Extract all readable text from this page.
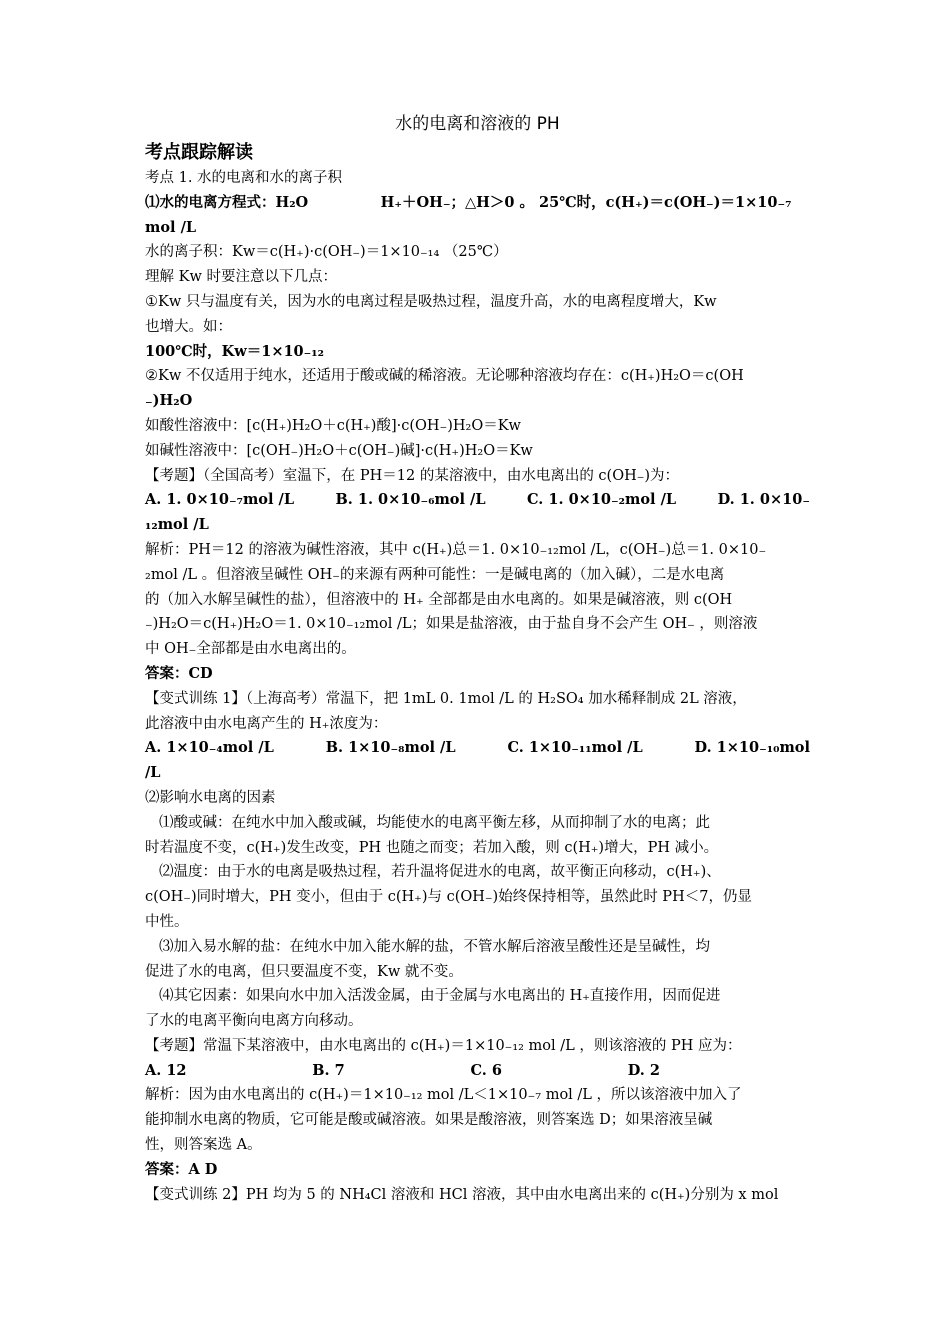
水的电离和溶液的 PH
考点跟踪解读
考点 1. 水的电离和水的离子积
⑴水的电离方程式：H₂O　　　　　H₊＋OH₋；△H＞0 。 25℃时，c(H₊)＝c(OH₋)＝1×10₋₇
mol /L
水的离子积：Kw＝c(H₊)·c(OH₋)＝1×10₋₁₄ （25℃）
理解 Kw 时要注意以下几点：
①Kw 只与温度有关，因为水的电离过程是吸热过程，温度升高，水的电离程度增大，Kw
也增大。如：
100℃时，Kw＝1×10₋₁₂
②Kw 不仅适用于纯水，还适用于酸或碱的稀溶液。无论哪种溶液均存在：c(H₊)H₂O＝c(OH
₋)H₂O
如酸性溶液中：[c(H₊)H₂O＋c(H₊)酸]·c(OH₋)H₂O＝Kw
如碱性溶液中：[c(OH₋)H₂O＋c(OH₋)碱]·c(H₊)H₂O＝Kw
【考题】（全国高考）室温下，在 PH＝12 的某溶液中，由水电离出的 c(OH₋)为：
A. 1. 0×10₋₇mol /L	B. 1. 0×10₋₆mol /L	C. 1. 0×10₋₂mol /L	D. 1. 0×10₋
₁₂mol /L
解析：PH＝12 的溶液为碱性溶液，其中 c(H₊)总＝1. 0×10₋₁₂mol /L，c(OH₋)总＝1. 0×10₋
₂mol /L 。但溶液呈碱性 OH₋的来源有两种可能性：一是碱电离的（加入碱），二是水电离
的（加入水解呈碱性的盐），但溶液中的 H₊ 全部都是由水电离的。如果是碱溶液，则 c(OH
₋)H₂O＝c(H₊)H₂O＝1. 0×10₋₁₂mol /L；如果是盐溶液，由于盐自身不会产生 OH₋ ，则溶液
中 OH₋全部都是由水电离出的。
答案：CD
【变式训练 1】（上海高考）常温下，把 1mL 0. 1mol /L 的 H₂SO₄ 加水稀释制成 2L 溶液，
此溶液中由水电离产生的 H₊浓度为：
A. 1×10₋₄mol /L	B. 1×10₋₈mol /L	C. 1×10₋₁₁mol /L	D. 1×10₋₁₀mol
/L
⑵影响水电离的因素
⑴酸或碱：在纯水中加入酸或碱，均能使水的电离平衡左移，从而抑制了水的电离；此
时若温度不变，c(H₊)发生改变，PH 也随之而变；若加入酸，则 c(H₊)增大，PH 减小。
⑵温度：由于水的电离是吸热过程，若升温将促进水的电离，故平衡正向移动，c(H₊)、
c(OH₋)同时增大，PH 变小，但由于 c(H₊)与 c(OH₋)始终保持相等，虽然此时 PH＜7，仍显
中性。
⑶加入易水解的盐：在纯水中加入能水解的盐，不管水解后溶液呈酸性还是呈碱性，均
促进了水的电离，但只要温度不变，Kw 就不变。
⑷其它因素：如果向水中加入活泼金属，由于金属与水电离出的 H₊直接作用，因而促进
了水的电离平衡向电离方向移动。
【考题】常温下某溶液中，由水电离出的 c(H₊)＝1×10₋₁₂ mol /L ，则该溶液的 PH 应为：
A. 12	B. 7	C. 6	D. 2
解析：因为由水电离出的 c(H₊)＝1×10₋₁₂ mol /L＜1×10₋₇ mol /L ，所以该溶液中加入了
能抑制水电离的物质，它可能是酸或碱溶液。如果是酸溶液，则答案选 D；如果溶液呈碱
性，则答案选 A。
答案：A D
【变式训练 2】PH 均为 5 的 NH₄Cl 溶液和 HCl 溶液，其中由水电离出来的 c(H₊)分别为 x mol
